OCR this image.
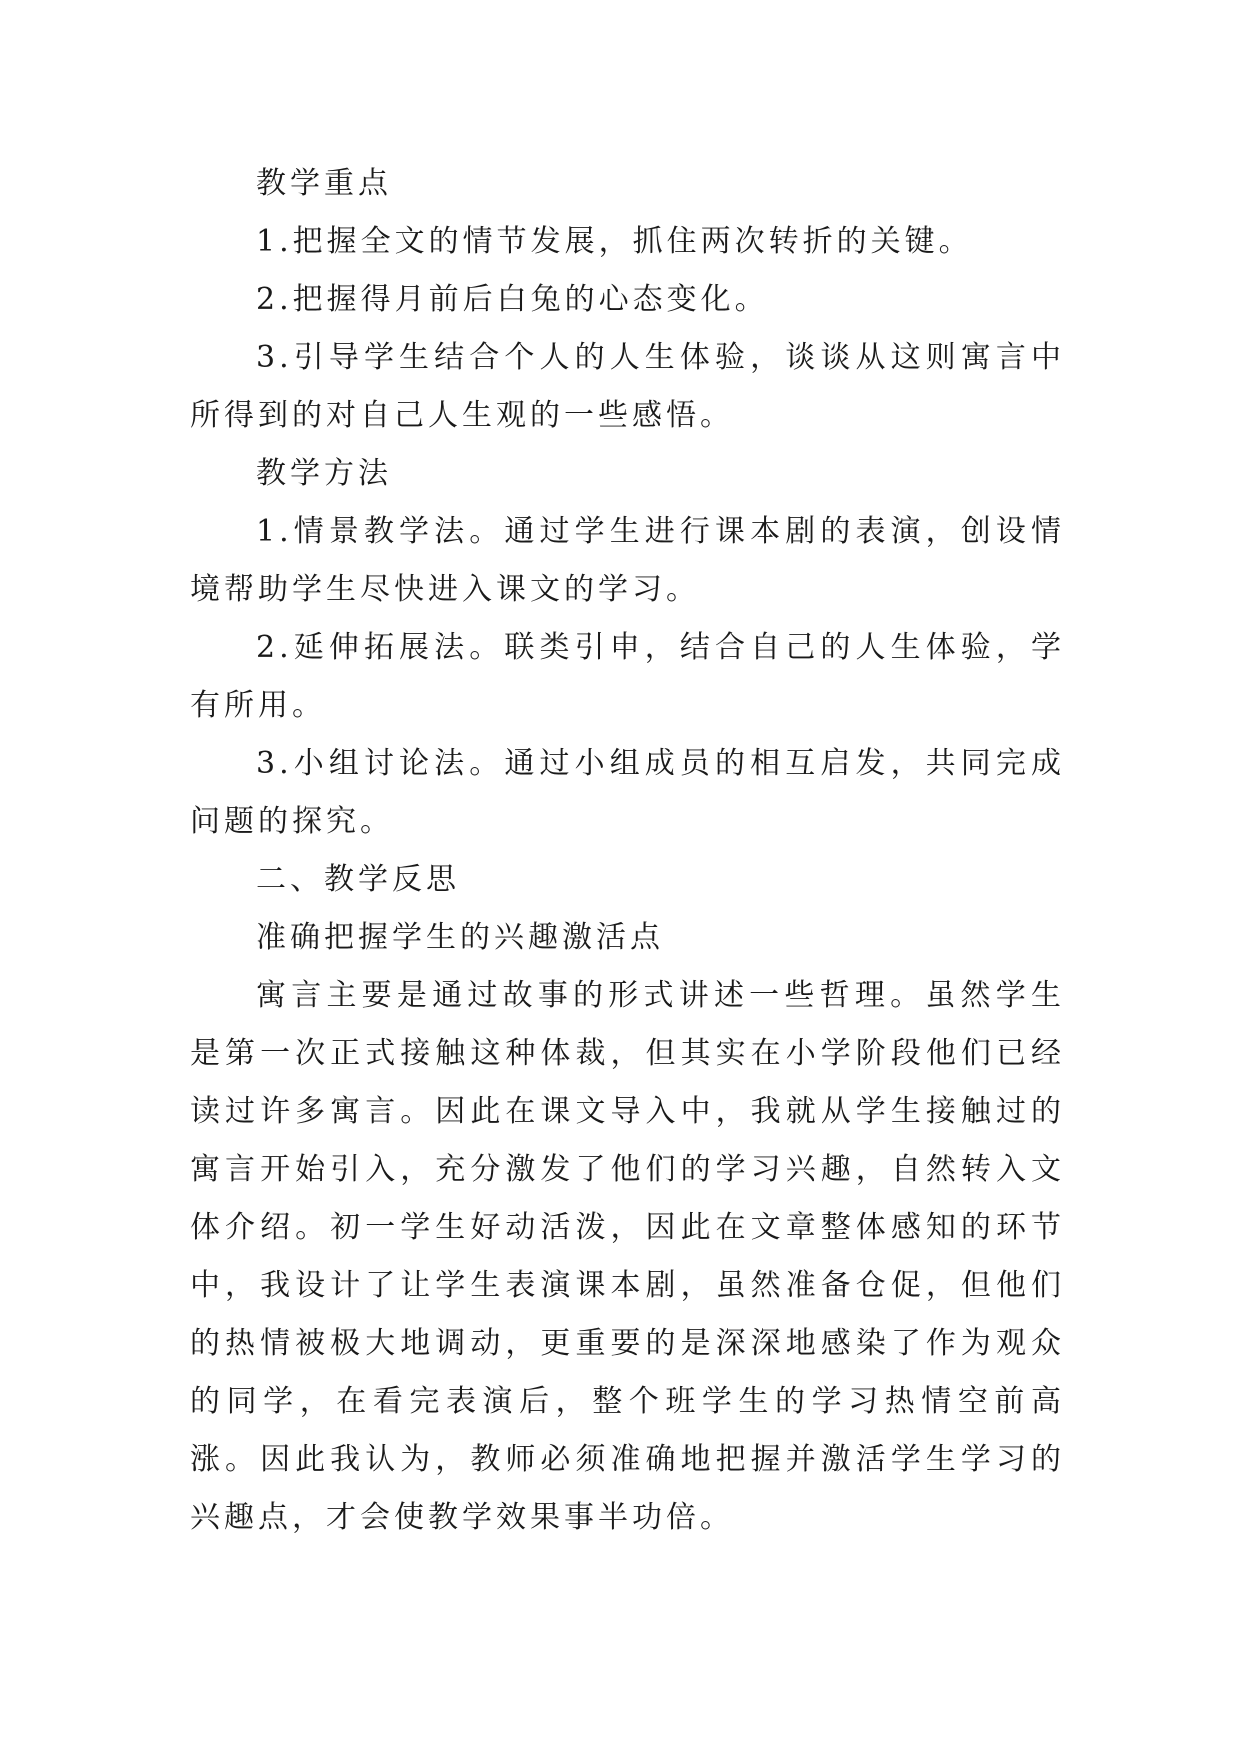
教学重点

1.把握全文的情节发展，抓住两次转折的关键。

2.把握得月前后白兔的心态变化。

3.引导学生结合个人的人生体验，谈谈从这则寓言中所得到的对自己人生观的一些感悟。

教学方法

1.情景教学法。通过学生进行课本剧的表演，创设情境帮助学生尽快进入课文的学习。

2.延伸拓展法。联类引申，结合自己的人生体验，学有所用。

3.小组讨论法。通过小组成员的相互启发，共同完成问题的探究。

二、教学反思

准确把握学生的兴趣激活点

寓言主要是通过故事的形式讲述一些哲理。虽然学生是第一次正式接触这种体裁，但其实在小学阶段他们已经读过许多寓言。因此在课文导入中，我就从学生接触过的寓言开始引入，充分激发了他们的学习兴趣，自然转入文体介绍。初一学生好动活泼，因此在文章整体感知的环节中，我设计了让学生表演课本剧，虽然准备仓促，但他们的热情被极大地调动，更重要的是深深地感染了作为观众的同学，在看完表演后，整个班学生的学习热情空前高涨。因此我认为，教师必须准确地把握并激活学生学习的兴趣点，才会使教学效果事半功倍。
